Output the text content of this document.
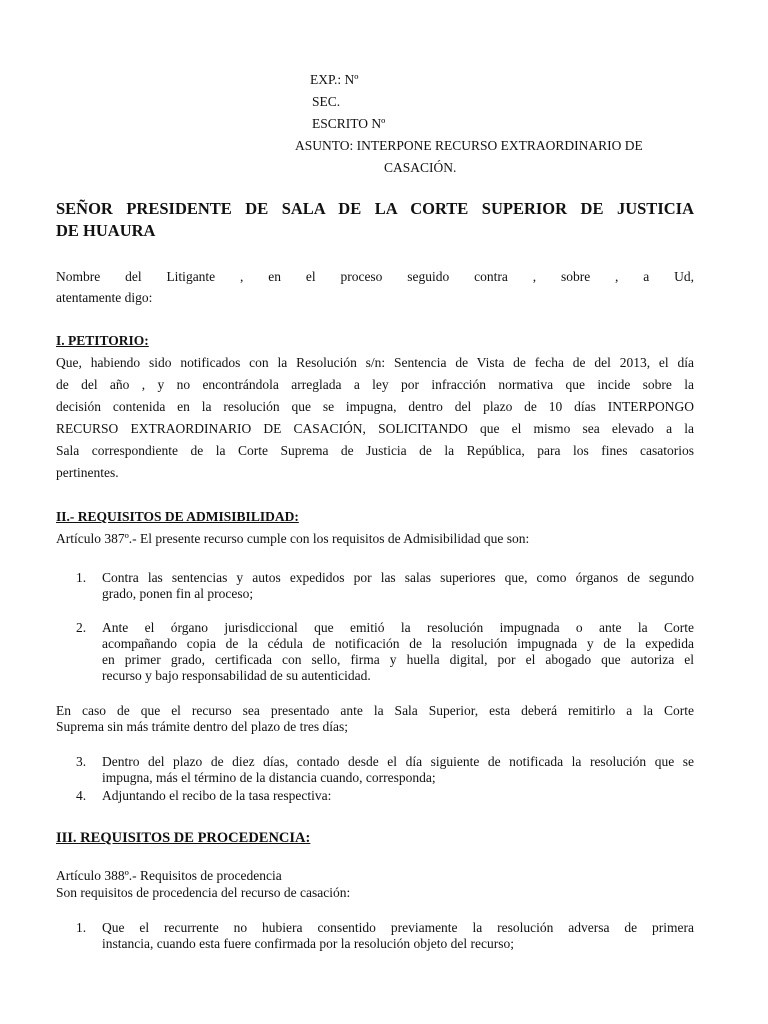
EXP.: Nº
SEC.
ESCRITO Nº
ASUNTO: INTERPONE RECURSO EXTRAORDINARIO DE
CASACIÓN.
SEÑOR PRESIDENTE DE SALA DE LA CORTE SUPERIOR DE JUSTICIA
DE HUAURA
Nombre del Litigante , en el proceso seguido contra , sobre , a Ud,
atentamente digo:
I. PETITORIO:
Que, habiendo sido notificados con la Resolución s/n: Sentencia de Vista de fecha de del 2013, el día
de del año , y no encontrándola arreglada a ley por infracción normativa que incide sobre la
decisión contenida en la resolución que se impugna, dentro del plazo de 10 días INTERPONGO
RECURSO EXTRAORDINARIO DE CASACIÓN, SOLICITANDO que el mismo sea elevado a la
Sala correspondiente de la Corte Suprema de Justicia de la República, para los fines casatorios
pertinentes.
II.- REQUISITOS DE ADMISIBILIDAD:
Artículo 387º.- El presente recurso cumple con los requisitos de Admisibilidad que son:
1. Contra las sentencias y autos expedidos por las salas superiores que, como órganos de segundo
grado, ponen fin al proceso;
2. Ante el órgano jurisdiccional que emitió la resolución impugnada o ante la Corte
acompañando copia de la cédula de notificación de la resolución impugnada y de la expedida
en primer grado, certificada con sello, firma y huella digital, por el abogado que autoriza el
recurso y bajo responsabilidad de su autenticidad.
En caso de que el recurso sea presentado ante la Sala Superior, esta deberá remitirlo a la Corte
Suprema sin más trámite dentro del plazo de tres días;
3. Dentro del plazo de diez días, contado desde el día siguiente de notificada la resolución que se
impugna, más el término de la distancia cuando, corresponda;
4. Adjuntando el recibo de la tasa respectiva:
III. REQUISITOS DE PROCEDENCIA:
Artículo 388º.- Requisitos de procedencia
Son requisitos de procedencia del recurso de casación:
1. Que el recurrente no hubiera consentido previamente la resolución adversa de primera
instancia, cuando esta fuere confirmada por la resolución objeto del recurso;
